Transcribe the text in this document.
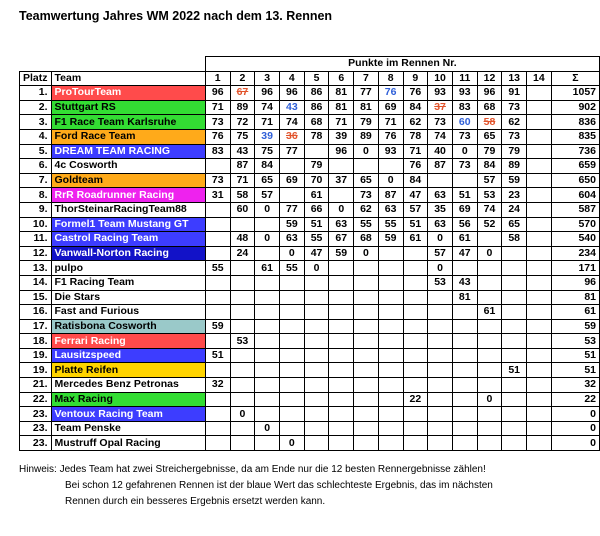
Teamwertung Jahres WM 2022 nach dem 13. Rennen
		Punkte im Rennen Nr.														
Platz	Team	1	2	3	4	5	6	7	8	9	10	11	12	13	14	Σ
1.	ProTourTeam	96	67	96	96	86	81	77	76	76	93	93	96	91		1057
2.	Stuttgart RS	71	89	74	43	86	81	81	69	84	37	83	68	73		902
3.	F1 Race Team Karlsruhe	73	72	71	74	68	71	79	71	62	73	60	58	62		836
4.	Ford Race Team	76	75	39	36	78	39	89	76	78	74	73	65	73		835
5.	DREAM TEAM RACING	83	43	75	77		96	0	93	71	40	0	79	79		736
6.	4c Cosworth		87	84		79				76	87	73	84	89		659
7.	Goldteam	73	71	65	69	70	37	65	0	84			57	59		650
8.	RrR Roadrunner Racing	31	58	57		61		73	87	47	63	51	53	23		604
9.	ThorSteinarRacingTeam88		60	0	77	66	0	62	63	57	35	69	74	24		587
10.	Formel1 Team Mustang GT				59	51	63	55	55	51	63	56	52	65		570
11.	Castrol Racing Team		48	0	63	55	67	68	59	61	0	61		58		540
12.	Vanwall-Norton Racing		24		0	47	59	0			57	47	0			234
13.	pulpo	55		61	55	0					0					171
14.	F1 Racing Team										53	43				96
15.	Die Stars											81				81
16.	Fast and Furious												61			61
17.	Ratisbona Cosworth	59														59
18.	Ferrari Racing		53													53
19.	Lausitzspeed	51														51
19.	Platte Reifen													51		51
21.	Mercedes Benz Petronas	32														32
22.	Max Racing									22			0			22
23.	Ventoux Racing Team		0													0
23.	Team Penske			0												0
23.	Mustruff Opal Racing				0											0
Hinweis: Jedes Team hat zwei Streichergebnisse, da am Ende nur die 12 besten Rennergebnisse zählen!
Bei schon 12 gefahrenen Rennen ist der blaue Wert das schlechteste Ergebnis, das im nächsten
Rennen durch ein besseres Ergebnis ersetzt werden kann.
